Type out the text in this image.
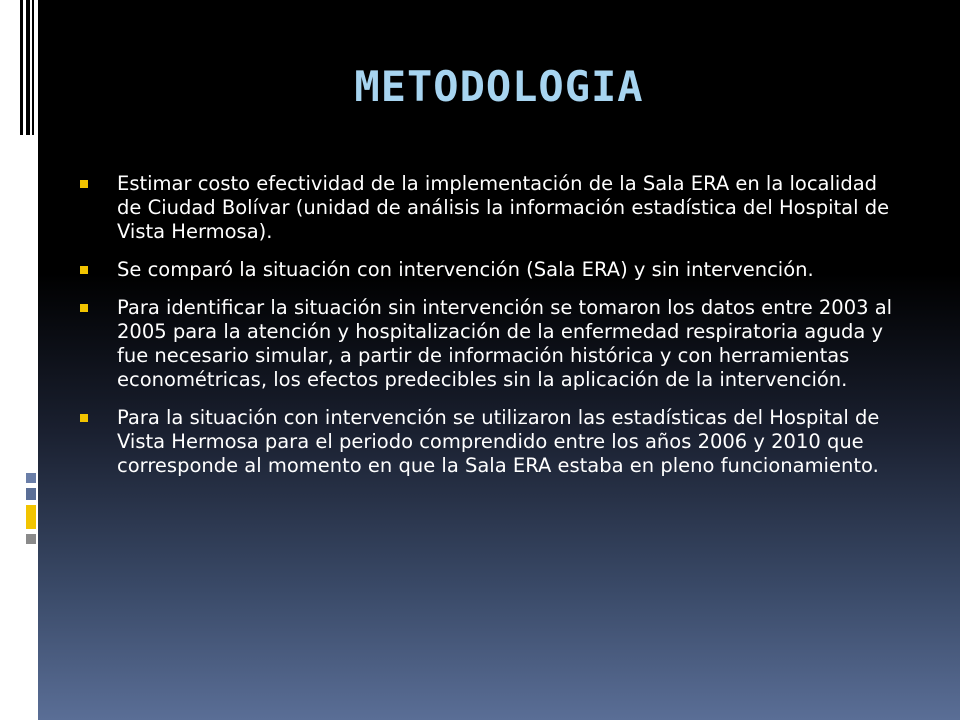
METODOLOGIA
Estimar costo efectividad de la implementación de la Sala ERA en la localidad de Ciudad Bolívar (unidad de análisis la información estadística del Hospital de Vista Hermosa).
Se comparó la situación con intervención (Sala ERA) y sin intervención.
Para identificar la situación sin intervención se tomaron los datos entre 2003 al 2005 para la atención y hospitalización de la enfermedad respiratoria aguda y fue necesario simular, a partir de información histórica y con herramientas econométricas, los efectos predecibles sin la aplicación de la intervención.
Para la situación con intervención se utilizaron las estadísticas del Hospital de Vista Hermosa para el periodo comprendido entre los años 2006 y 2010 que corresponde al momento en que la Sala ERA estaba en pleno funcionamiento.
